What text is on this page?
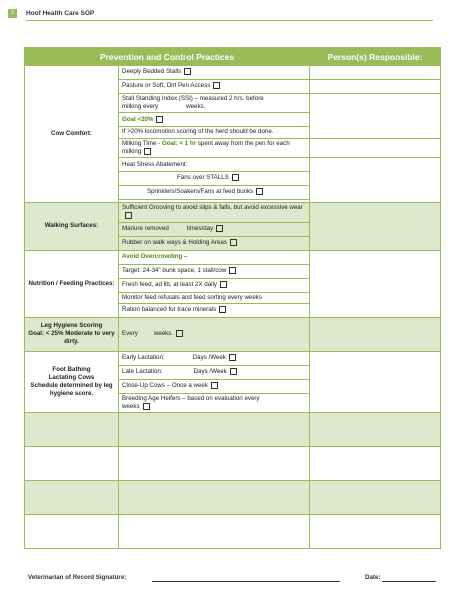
2	Hoof Health Care SOP
Prevention and Control Practices		Person(s) Responsible:
Cow Comfort:	Deeply Bedded Stalls	
	Pasture or Soft, Dirt Pen Access	

	Stall Standing Index (SSI) – measured 2 hrs. before
milking every weeks.	
	Goal <20%	
	If >20% locomotion scoring of the herd should be done.	
	Milking Time - Goal: < 1 hr spent away from the pen for each milking	
	Heat Stress Abatement:	
	Fans over STALLS	
	Sprinklers/Soakers/Fans at feed bunks	

Walking Surfaces:	Sufficient Grooving to avoid slips & falls, but avoid excessive wear	
	Manure removed times/day	
	Rubber on walk ways & Holding Areas	
Nutrition / Feeding Practices:	Avoid Overcrowding –	
	Target: 24-34" bunk space, 1 stall/cow	
	Fresh feed, ad lib, at least 2X daily	
	Monitor feed refusals and feed sorting every weeks	
	Ration balanced for trace minerals	

Leg Hygiene Scoring
Goal: < 25% Moderate to very dirty.	Every weeks.	

Foot Bathing
Lactating Cows
Schedule determined by leg hygiene score.	Early Lactation: Days /Week	
	Late Lactation: Days /Week	
	Close-Up Cows – Once a week	

	Breeding Age Heifers – based on evaluation every
weeks	

Veterinarian of Record Signature:	Date:
